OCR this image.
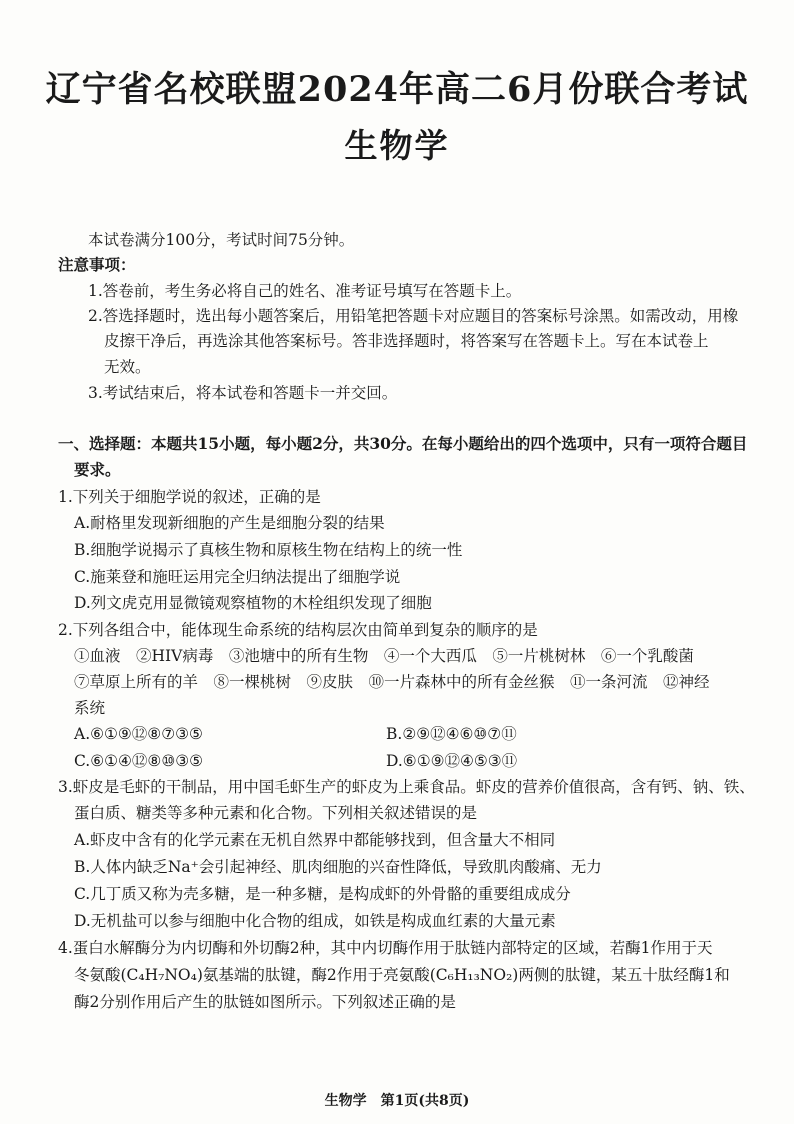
辽宁省名校联盟2024年高二6月份联合考试
生物学
本试卷满分100分，考试时间75分钟。
注意事项：
1.答卷前，考生务必将自己的姓名、准考证号填写在答题卡上。
2.答选择题时，选出每小题答案后，用铅笔把答题卡对应题目的答案标号涂黑。如需改动，用橡
皮擦干净后，再选涂其他答案标号。答非选择题时，将答案写在答题卡上。写在本试卷上
无效。
3.考试结束后，将本试卷和答题卡一并交回。
一、选择题：本题共15小题，每小题2分，共30分。在每小题给出的四个选项中，只有一项符合题目
要求。
1.下列关于细胞学说的叙述，正确的是
A.耐格里发现新细胞的产生是细胞分裂的结果
B.细胞学说揭示了真核生物和原核生物在结构上的统一性
C.施莱登和施旺运用完全归纳法提出了细胞学说
D.列文虎克用显微镜观察植物的木栓组织发现了细胞
2.下列各组合中，能体现生命系统的结构层次由简单到复杂的顺序的是
①血液　②HIV病毒　③池塘中的所有生物　④一个大西瓜　⑤一片桃树林　⑥一个乳酸菌
⑦草原上所有的羊　⑧一棵桃树　⑨皮肤　⑩一片森林中的所有金丝猴　⑪一条河流　⑫神经
系统
A.⑥①⑨⑫⑧⑦③⑤	B.②⑨⑫④⑥⑩⑦⑪
C.⑥①④⑫⑧⑩③⑤	D.⑥①⑨⑫④⑤③⑪
3.虾皮是毛虾的干制品，用中国毛虾生产的虾皮为上乘食品。虾皮的营养价值很高，含有钙、钠、铁、
蛋白质、糖类等多种元素和化合物。下列相关叙述错误的是
A.虾皮中含有的化学元素在无机自然界中都能够找到，但含量大不相同
B.人体内缺乏Na⁺会引起神经、肌肉细胞的兴奋性降低，导致肌肉酸痛、无力
C.几丁质又称为壳多糖，是一种多糖，是构成虾的外骨骼的重要组成成分
D.无机盐可以参与细胞中化合物的组成，如铁是构成血红素的大量元素
4.蛋白水解酶分为内切酶和外切酶2种，其中内切酶作用于肽链内部特定的区域，若酶1作用于天
冬氨酸(C₄H₇NO₄)氨基端的肽键，酶2作用于亮氨酸(C₆H₁₃NO₂)两侧的肽键，某五十肽经酶1和
酶2分别作用后产生的肽链如图所示。下列叙述正确的是
生物学　第1页(共8页)
